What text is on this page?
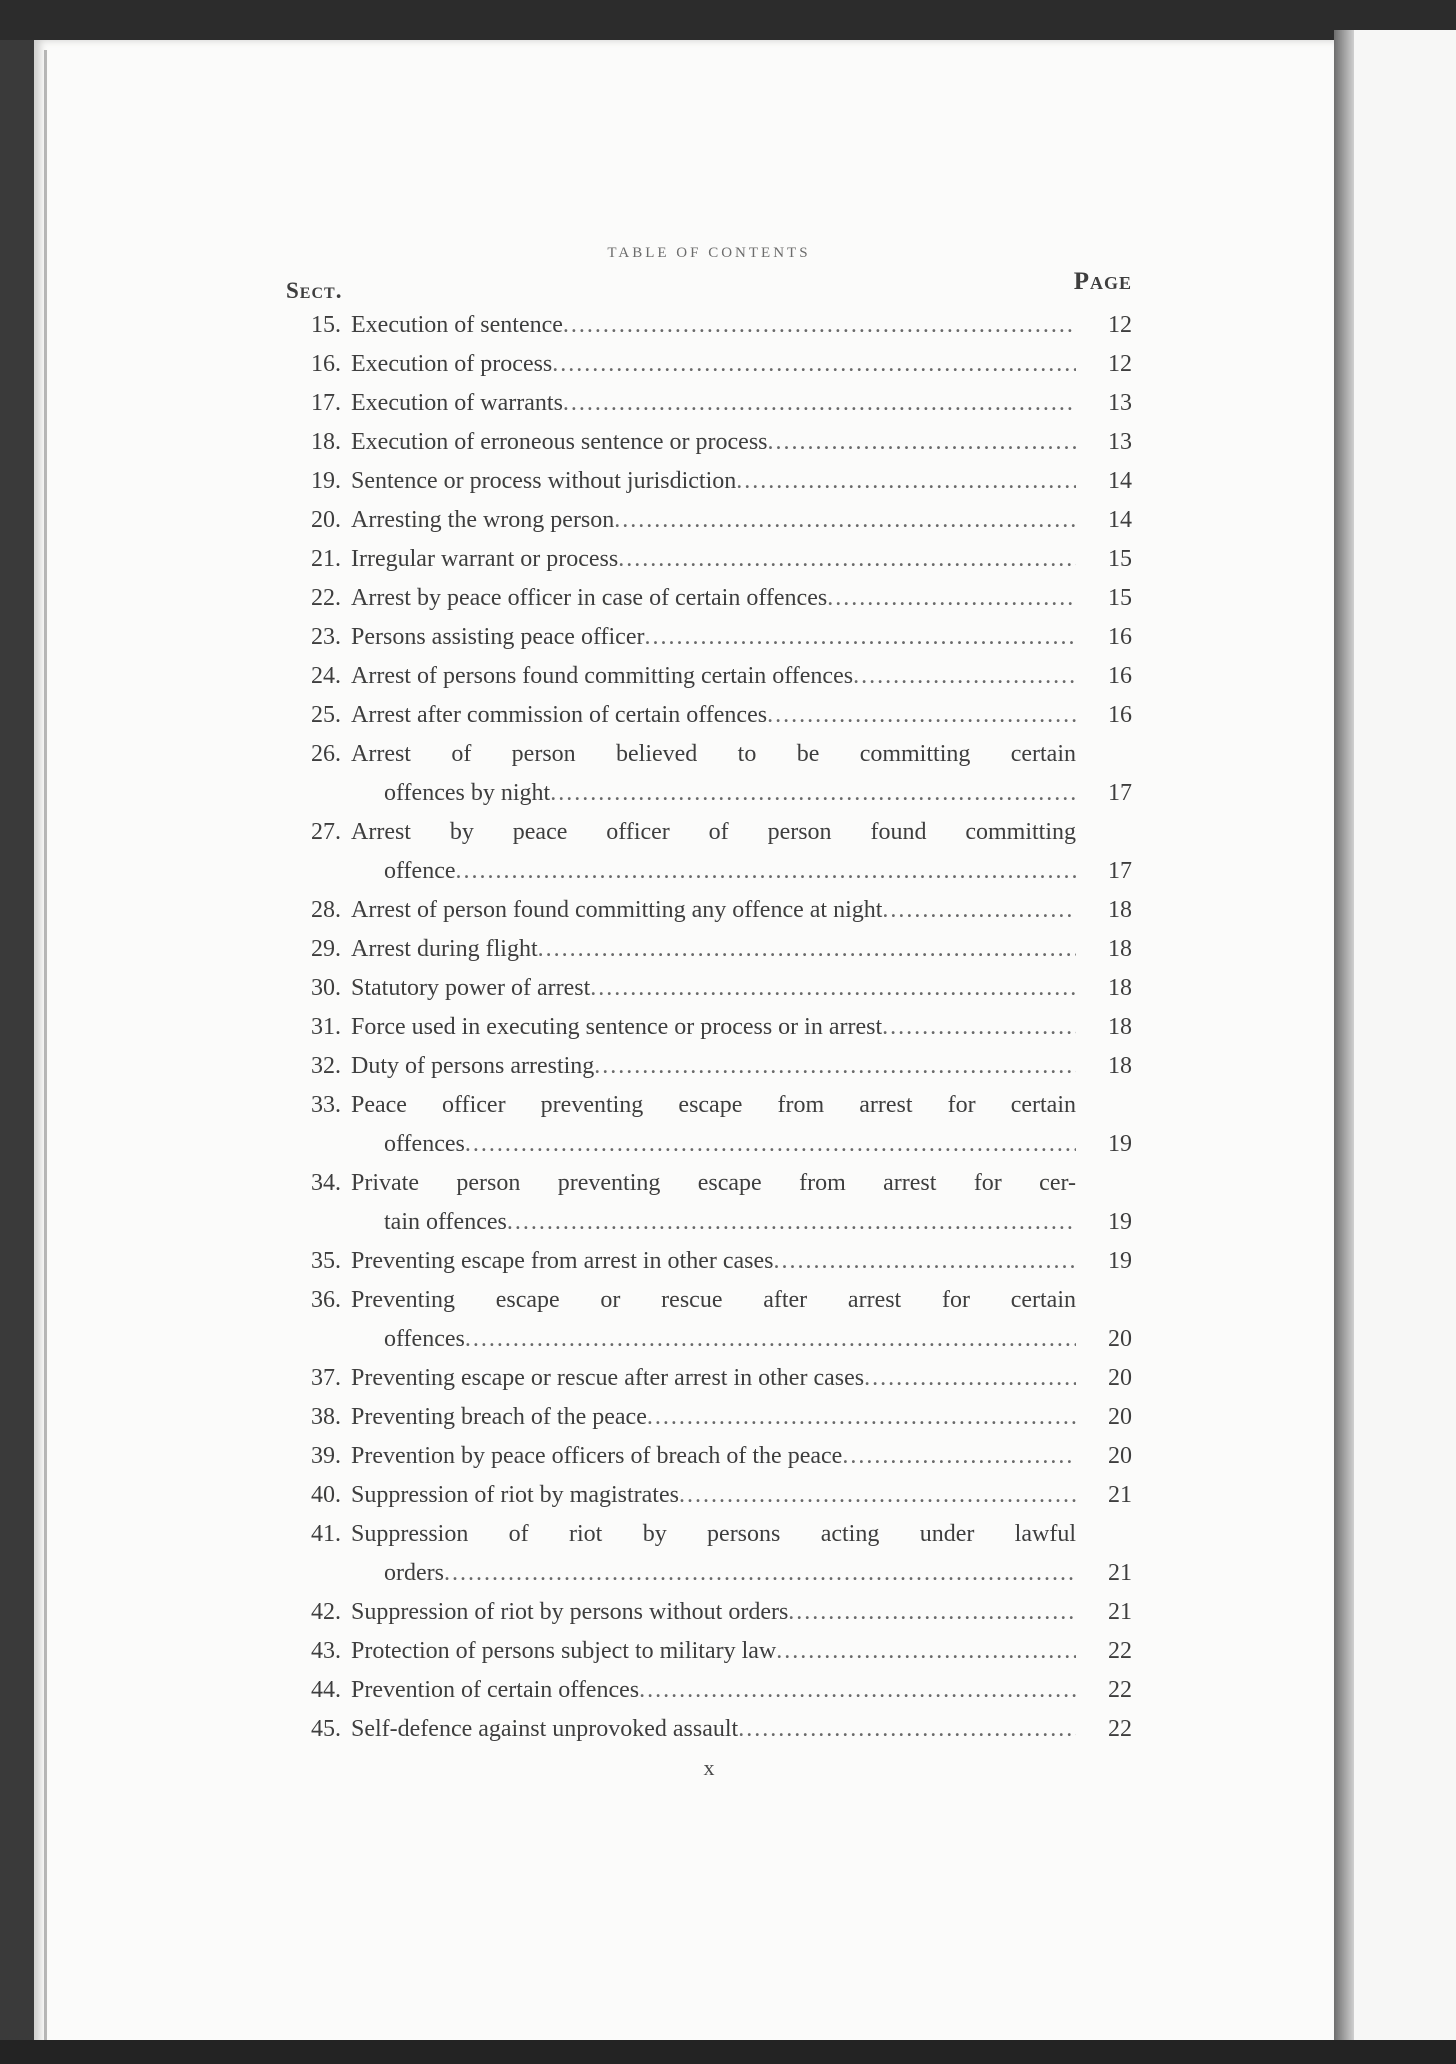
TABLE OF CONTENTS
Sect.	Page
15. Execution of sentence .....	12
16. Execution of process .....	12
17. Execution of warrants .....	13
18. Execution of erroneous sentence or process .....	13
19. Sentence or process without jurisdiction .....	14
20. Arresting the wrong person .....	14
21. Irregular warrant or process .....	15
22. Arrest by peace officer in case of certain offences .....	15
23. Persons assisting peace officer .....	16
24. Arrest of persons found committing certain offences .....	16
25. Arrest after commission of certain offences .....	16
26. Arrest of person believed to be committing certain
offences by night .....	17
27. Arrest by peace officer of person found committing
offence .....	17
28. Arrest of person found committing any offence at night .....	18
29. Arrest during flight .....	18
30. Statutory power of arrest .....	18
31. Force used in executing sentence or process or in arrest .....	18
32. Duty of persons arresting .....	18
33. Peace officer preventing escape from arrest for certain
offences .....	19
34. Private person preventing escape from arrest for cer-
tain offences .....	19
35. Preventing escape from arrest in other cases .....	19
36. Preventing escape or rescue after arrest for certain
offences .....	20
37. Preventing escape or rescue after arrest in other cases .....	20
38. Preventing breach of the peace .....	20
39. Prevention by peace officers of breach of the peace .....	20
40. Suppression of riot by magistrates .....	21
41. Suppression of riot by persons acting under lawful
orders .....	21
42. Suppression of riot by persons without orders .....	21
43. Protection of persons subject to military law .....	22
44. Prevention of certain offences .....	22
45. Self-defence against unprovoked assault .....	22
x
